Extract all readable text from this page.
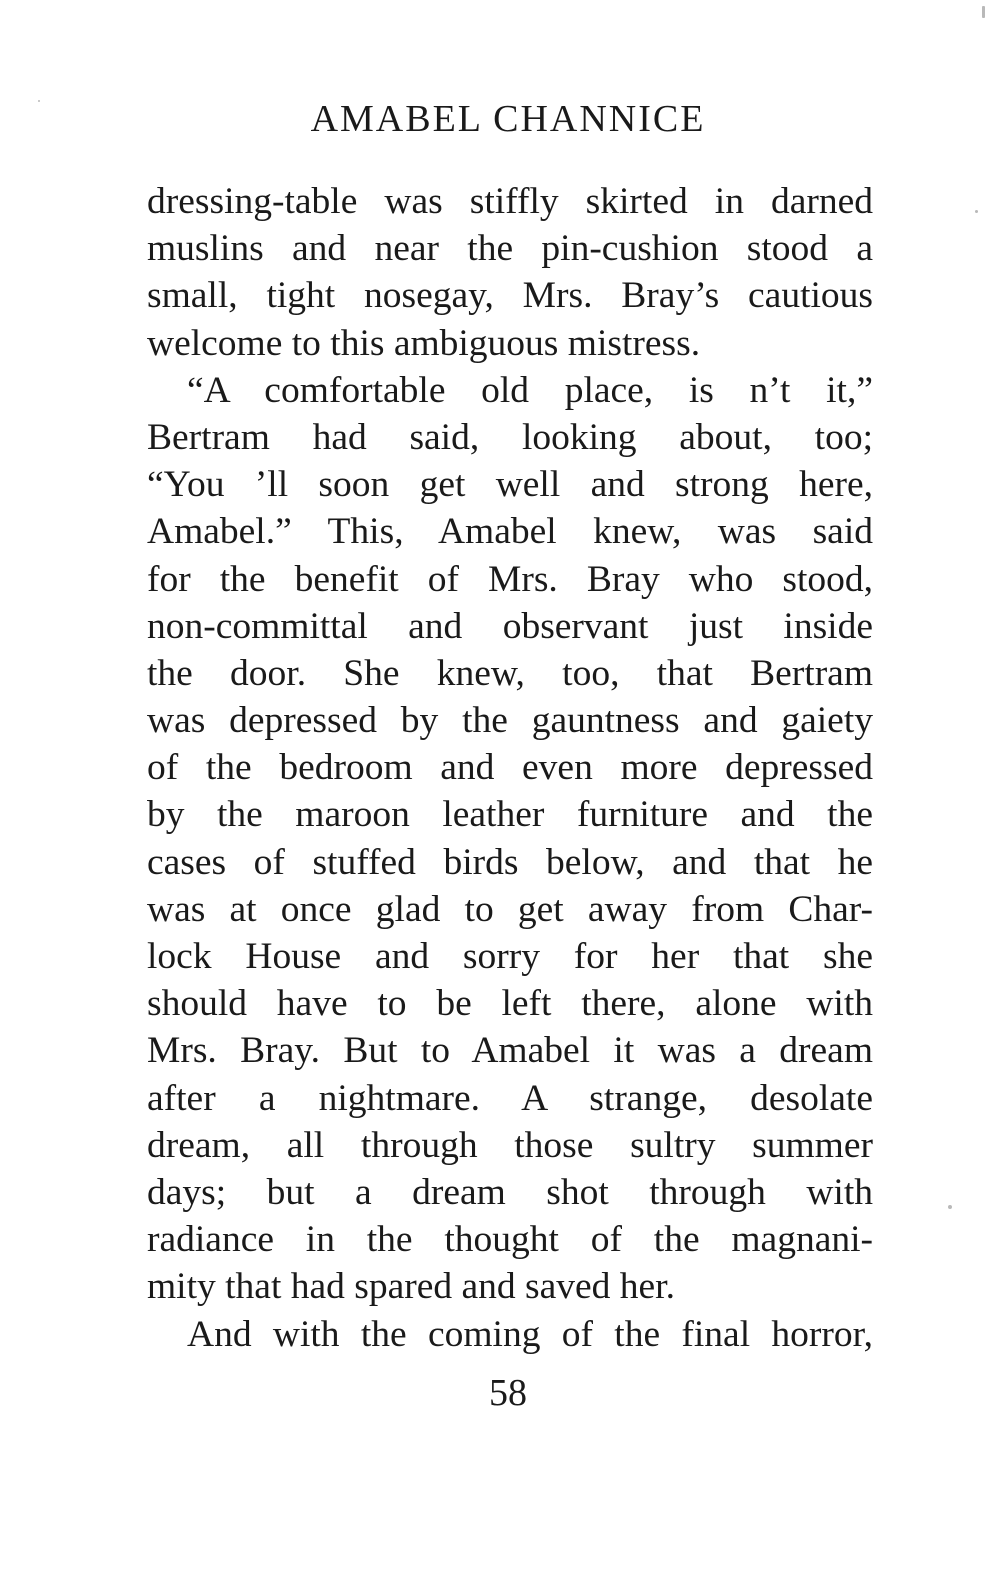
AMABEL CHANNICE
dressing-table was stiffly skirted in darned
muslins and near the pin-cushion stood a
small, tight nosegay, Mrs. Bray’s cautious
welcome to this ambiguous mistress.
“A comfortable old place, is n’t it,”
Bertram had said, looking about, too;
“You ’ll soon get well and strong here,
Amabel.” This, Amabel knew, was said
for the benefit of Mrs. Bray who stood,
non-committal and observant just inside
the door. She knew, too, that Bertram
was depressed by the gauntness and gaiety
of the bedroom and even more depressed
by the maroon leather furniture and the
cases of stuffed birds below, and that he
was at once glad to get away from Char-
lock House and sorry for her that she
should have to be left there, alone with
Mrs. Bray. But to Amabel it was a dream
after a nightmare. A strange, desolate
dream, all through those sultry summer
days; but a dream shot through with
radiance in the thought of the magnani-
mity that had spared and saved her.
And with the coming of the final horror,
58
